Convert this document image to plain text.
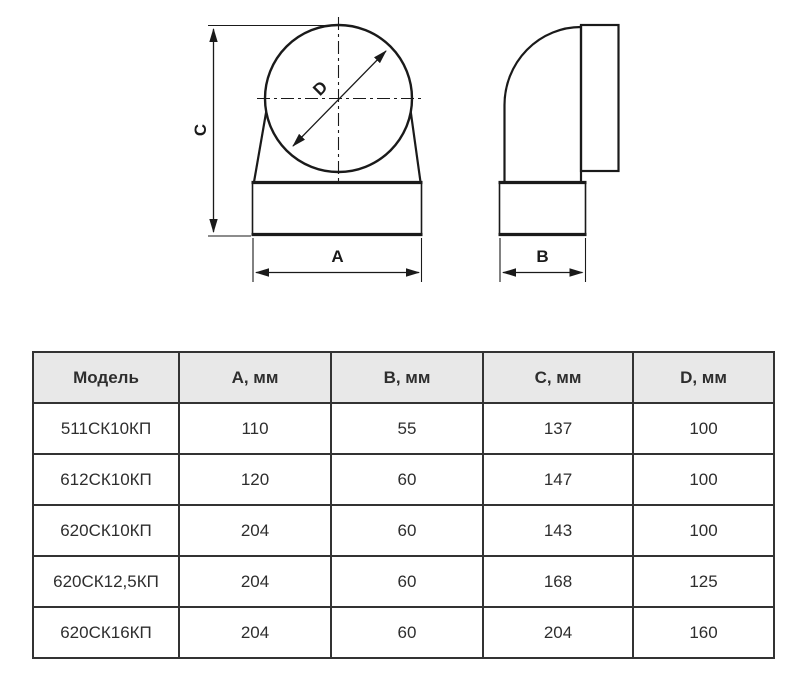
C
A	B
D
Модель	А, мм	В, мм	С, мм	D, мм
511СК10КП	110	55	137	100
612СК10КП	120	60	147	100
620СК10КП	204	60	143	100
620СК12,5КП	204	60	168	125
620СК16КП	204	60	204	160
